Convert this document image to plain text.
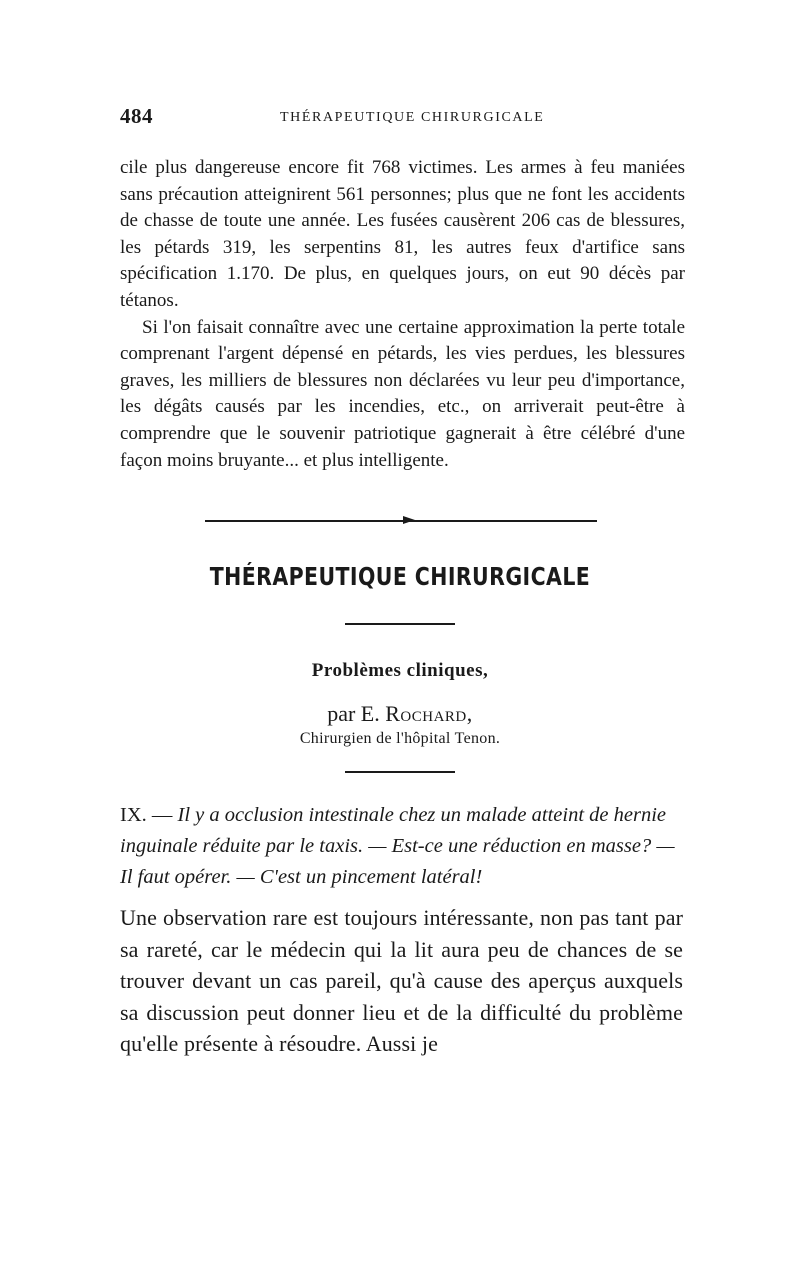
484	THÉRAPEUTIQUE CHIRURGICALE

cile plus dangereuse encore fit 768 victimes. Les armes à feu maniées sans précaution atteignirent 561 personnes; plus que ne font les accidents de chasse de toute une année. Les fusées causèrent 206 cas de blessures, les pétards 319, les serpentins 81, les autres feux d'artifice sans spécification 1.170. De plus, en quelques jours, on eut 90 décès par tétanos.

Si l'on faisait connaître avec une certaine approximation la perte totale comprenant l'argent dépensé en pétards, les vies perdues, les blessures graves, les milliers de blessures non déclarées vu leur peu d'importance, les dégâts causés par les incendies, etc., on arriverait peut-être à comprendre que le souvenir patriotique gagnerait à être célébré d'une façon moins bruyante... et plus intelligente.

THÉRAPEUTIQUE CHIRURGICALE
Problèmes cliniques,
par E. Rochard,
Chirurgien de l'hôpital Tenon.
IX. — Il y a occlusion intestinale chez un malade atteint de hernie inguinale réduite par le taxis. — Est-ce une réduction en masse? — Il faut opérer. — C'est un pincement latéral!

Une observation rare est toujours intéressante, non pas tant par sa rareté, car le médecin qui la lit aura peu de chances de se trouver devant un cas pareil, qu'à cause des aperçus auxquels sa discussion peut donner lieu et de la difficulté du problème qu'elle présente à résoudre. Aussi je
